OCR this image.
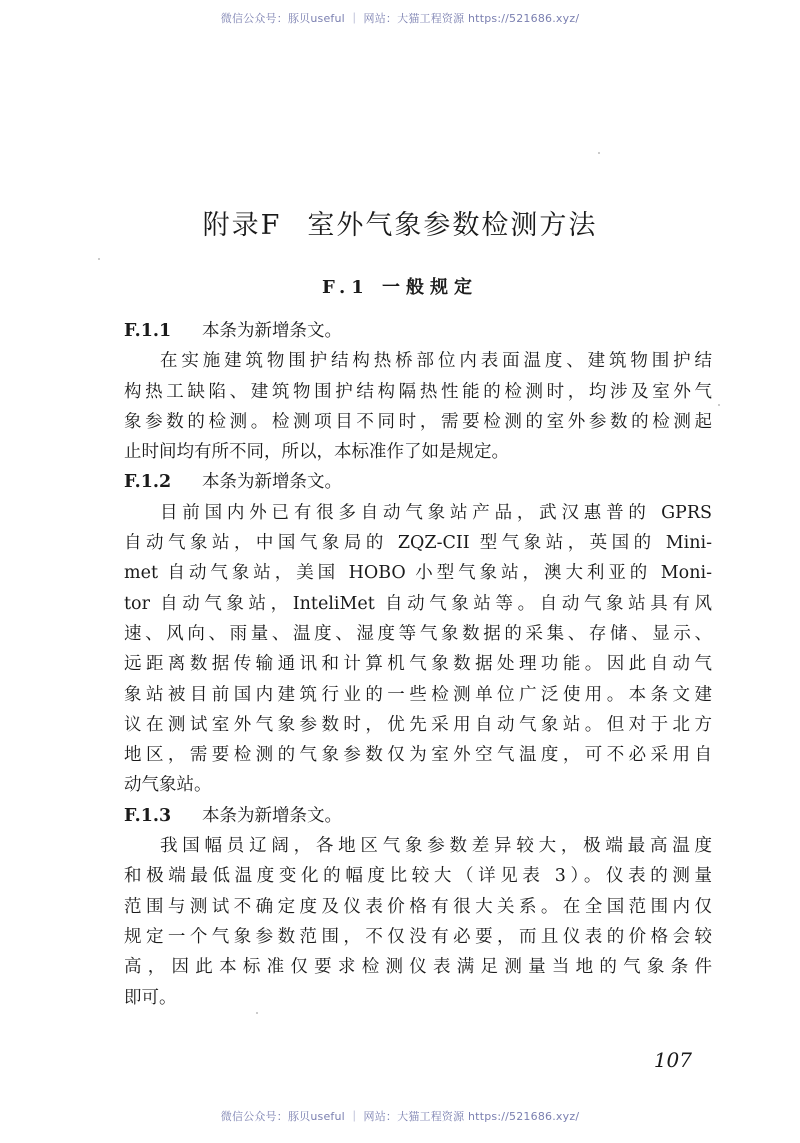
微信公众号：豚贝useful ｜ 网站：大猫工程资源 https://521686.xyz/
附录F 室外气象参数检测方法
F.1 一般规定
F.1.1 本条为新增条文。
在实施建筑物围护结构热桥部位内表面温度、建筑物围护结
构热工缺陷、建筑物围护结构隔热性能的检测时，均涉及室外气
象参数的检测。检测项目不同时，需要检测的室外参数的检测起
止时间均有所不同，所以，本标准作了如是规定。
F.1.2 本条为新增条文。
目前国内外已有很多自动气象站产品，武汉惠普的 GPRS
自动气象站，中国气象局的 ZQZ-CII 型气象站，英国的 Mini-
met 自动气象站，美国 HOBO 小型气象站，澳大利亚的 Moni-
tor 自动气象站，InteliMet 自动气象站等。自动气象站具有风
速、风向、雨量、温度、湿度等气象数据的采集、存储、显示、
远距离数据传输通讯和计算机气象数据处理功能。因此自动气
象站被目前国内建筑行业的一些检测单位广泛使用。本条文建
议在测试室外气象参数时，优先采用自动气象站。但对于北方
地区，需要检测的气象参数仅为室外空气温度，可不必采用自
动气象站。
F.1.3 本条为新增条文。
我国幅员辽阔，各地区气象参数差异较大，极端最高温度
和极端最低温度变化的幅度比较大（详见表 3）。仪表的测量
范围与测试不确定度及仪表价格有很大关系。在全国范围内仅
规定一个气象参数范围，不仅没有必要，而且仪表的价格会较
高，因此本标准仅要求检测仪表满足测量当地的气象条件
即可。
107
微信公众号：豚贝useful ｜ 网站：大猫工程资源 https://521686.xyz/
